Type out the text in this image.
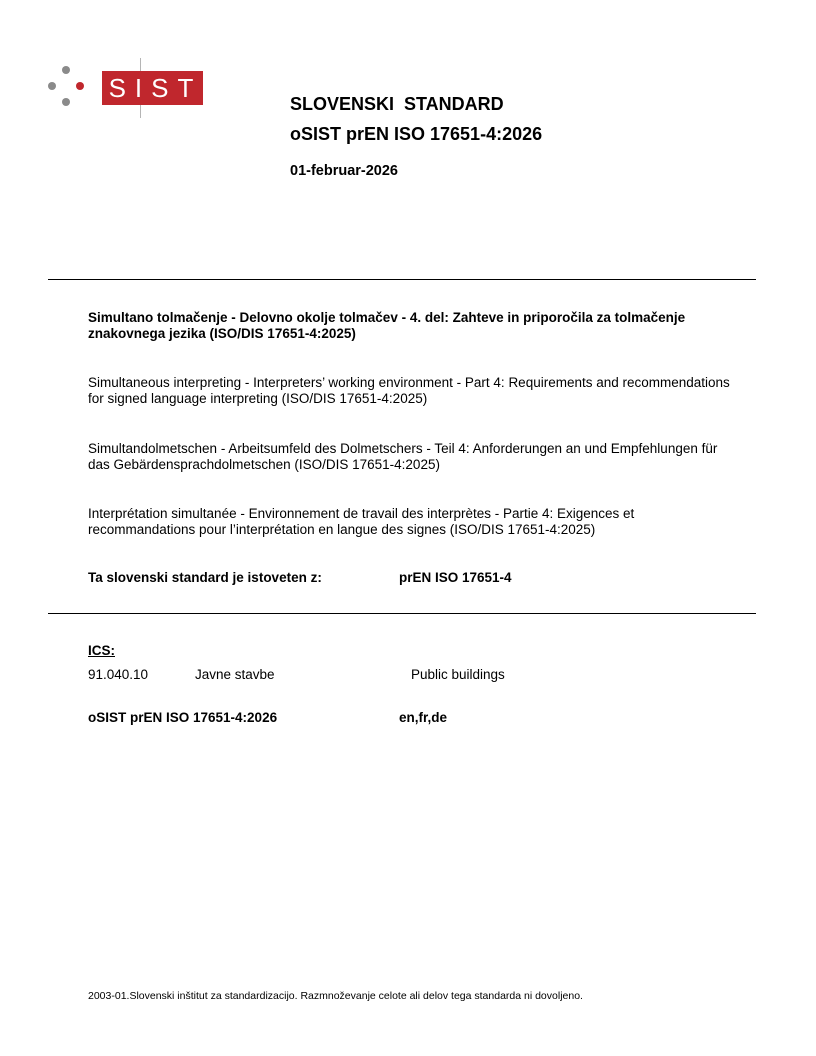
SIST
SLOVENSKI  STANDARD
oSIST prEN ISO 17651-4:2026
01-februar-2026
Simultano tolmačenje - Delovno okolje tolmačev - 4. del: Zahteve in priporočila za tolmačenje znakovnega jezika (ISO/DIS 17651-4:2025)
Simultaneous interpreting - Interpreters’ working environment - Part 4: Requirements and recommendations for signed language interpreting (ISO/DIS 17651-4:2025)
Simultandolmetschen - Arbeitsumfeld des Dolmetschers - Teil 4: Anforderungen an und Empfehlungen für das Gebärdensprachdolmetschen (ISO/DIS 17651-4:2025)
Interprétation simultanée - Environnement de travail des interprètes - Partie 4: Exigences et recommandations pour l’interprétation en langue des signes (ISO/DIS 17651-4:2025)
Ta slovenski standard je istoveten z:	prEN ISO 17651-4
ICS:
91.040.10	Javne stavbe	Public buildings
oSIST prEN ISO 17651-4:2026	en,fr,de
2003-01.Slovenski inštitut za standardizacijo. Razmnoževanje celote ali delov tega standarda ni dovoljeno.
